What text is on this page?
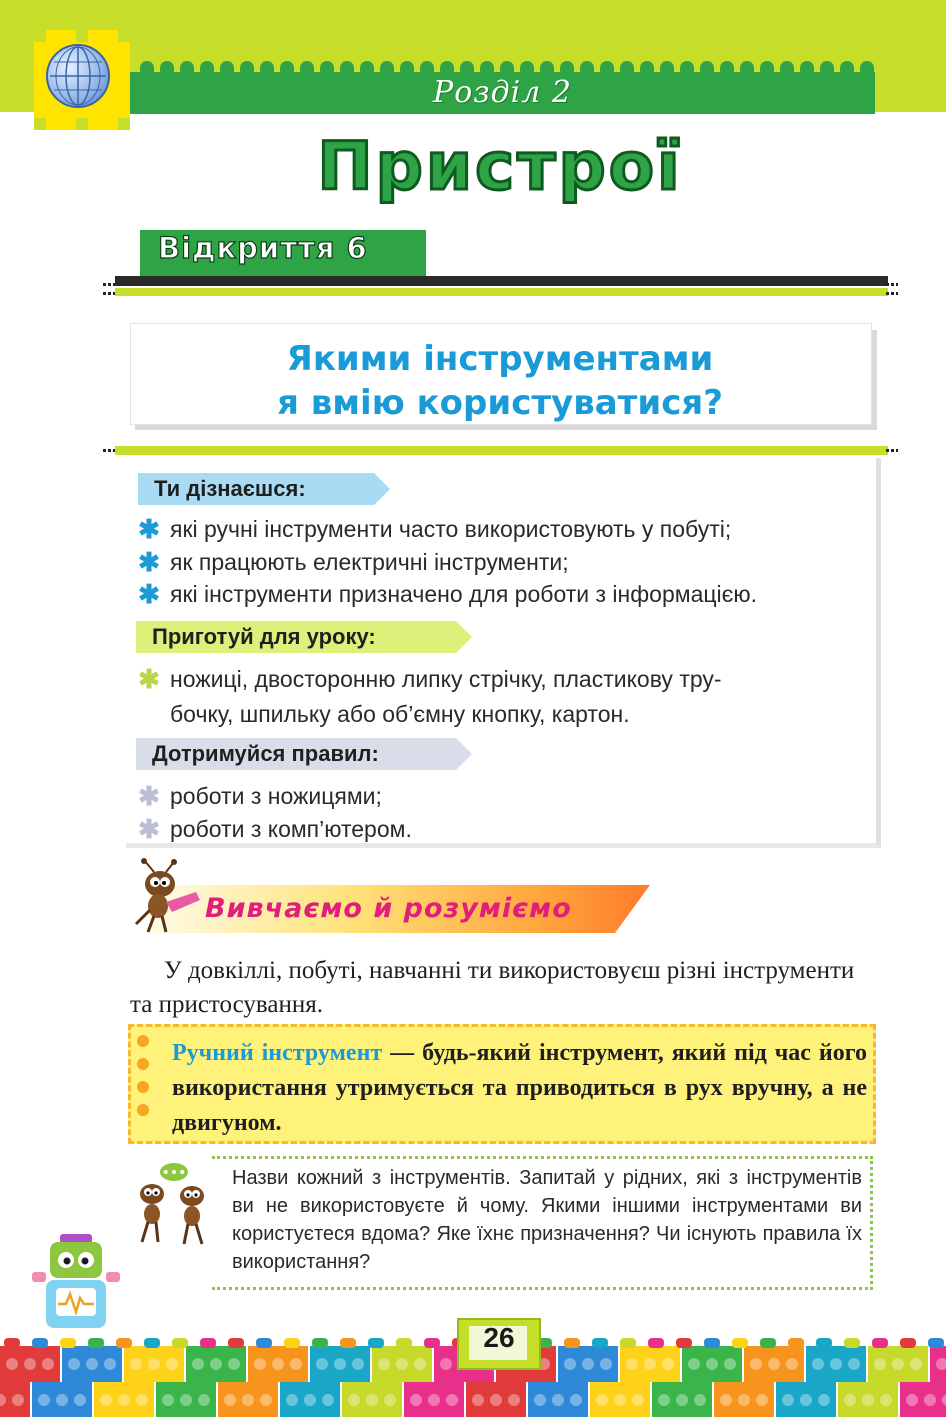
Розділ 2
Пристрої
Відкриття 6
Якими інструментами
я вмію користуватися?
Ти дізнаєшся:
✱ які ручні інструменти часто використовують у побуті;
✱ як працюють електричні інструменти;
✱ які інструменти призначено для роботи з інформацією.
Приготуй для уроку:
✱ ножиці, двосторонню липку стрічку, пластикову тру-
бочку, шпильку або об’ємну кнопку, картон.
Дотримуйся правил:
✱ роботи з ножицями;
✱ роботи з комп’ютером.
Вивчаємо й розуміємо
У довкіллі, побуті, навчанні ти використовуєш різні інструменти та пристосування.
Ручний інструмент — будь-який інструмент, який під час його використання утримується та приводиться в рух вручну, а не двигуном.
••• Назви кожний з інструментів. Запитай у рідних, які з інструментів ви не використовуєте й чому. Якими іншими інструментами ви користуєтеся вдома? Яке їхнє призначення? Чи існують правила їх використання?
26
